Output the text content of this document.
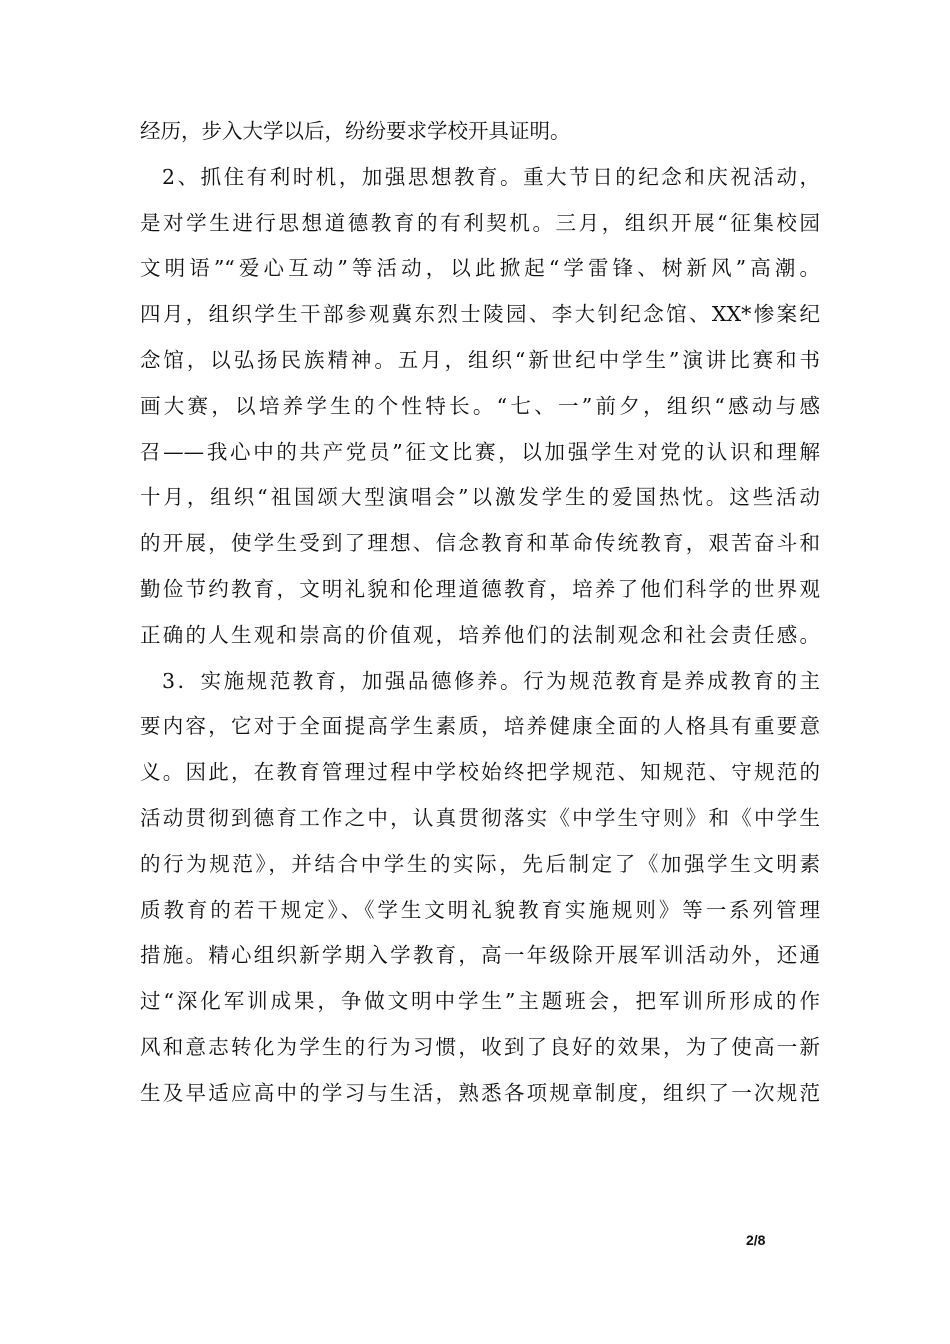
经历，步入大学以后，纷纷要求学校开具证明。
2、抓住有利时机，加强思想教育。重大节日的纪念和庆祝活动，
是对学生进行思想道德教育的有利契机。三月，组织开展“征集校园
文明语”“爱心互动”等活动，以此掀起“学雷锋、树新风”高潮。
四月，组织学生干部参观冀东烈士陵园、李大钊纪念馆、XX*惨案纪
念馆，以弘扬民族精神。五月，组织“新世纪中学生”演讲比赛和书
画大赛，以培养学生的个性特长。“七、一”前夕，组织“感动与感
召——我心中的共产党员”征文比赛，以加强学生对党的认识和理解
十月，组织“祖国颂大型演唱会”以激发学生的爱国热忱。这些活动
的开展，使学生受到了理想、信念教育和革命传统教育，艰苦奋斗和
勤俭节约教育，文明礼貌和伦理道德教育，培养了他们科学的世界观
正确的人生观和崇高的价值观，培养他们的法制观念和社会责任感。
3．实施规范教育，加强品德修养。行为规范教育是养成教育的主
要内容，它对于全面提高学生素质，培养健康全面的人格具有重要意
义。因此，在教育管理过程中学校始终把学规范、知规范、守规范的
活动贯彻到德育工作之中，认真贯彻落实《中学生守则》和《中学生
的行为规范》，并结合中学生的实际，先后制定了《加强学生文明素
质教育的若干规定》、《学生文明礼貌教育实施规则》等一系列管理
措施。精心组织新学期入学教育，高一年级除开展军训活动外，还通
过“深化军训成果，争做文明中学生”主题班会，把军训所形成的作
风和意志转化为学生的行为习惯，收到了良好的效果，为了使高一新
生及早适应高中的学习与生活，熟悉各项规章制度，组织了一次规范
2/8
